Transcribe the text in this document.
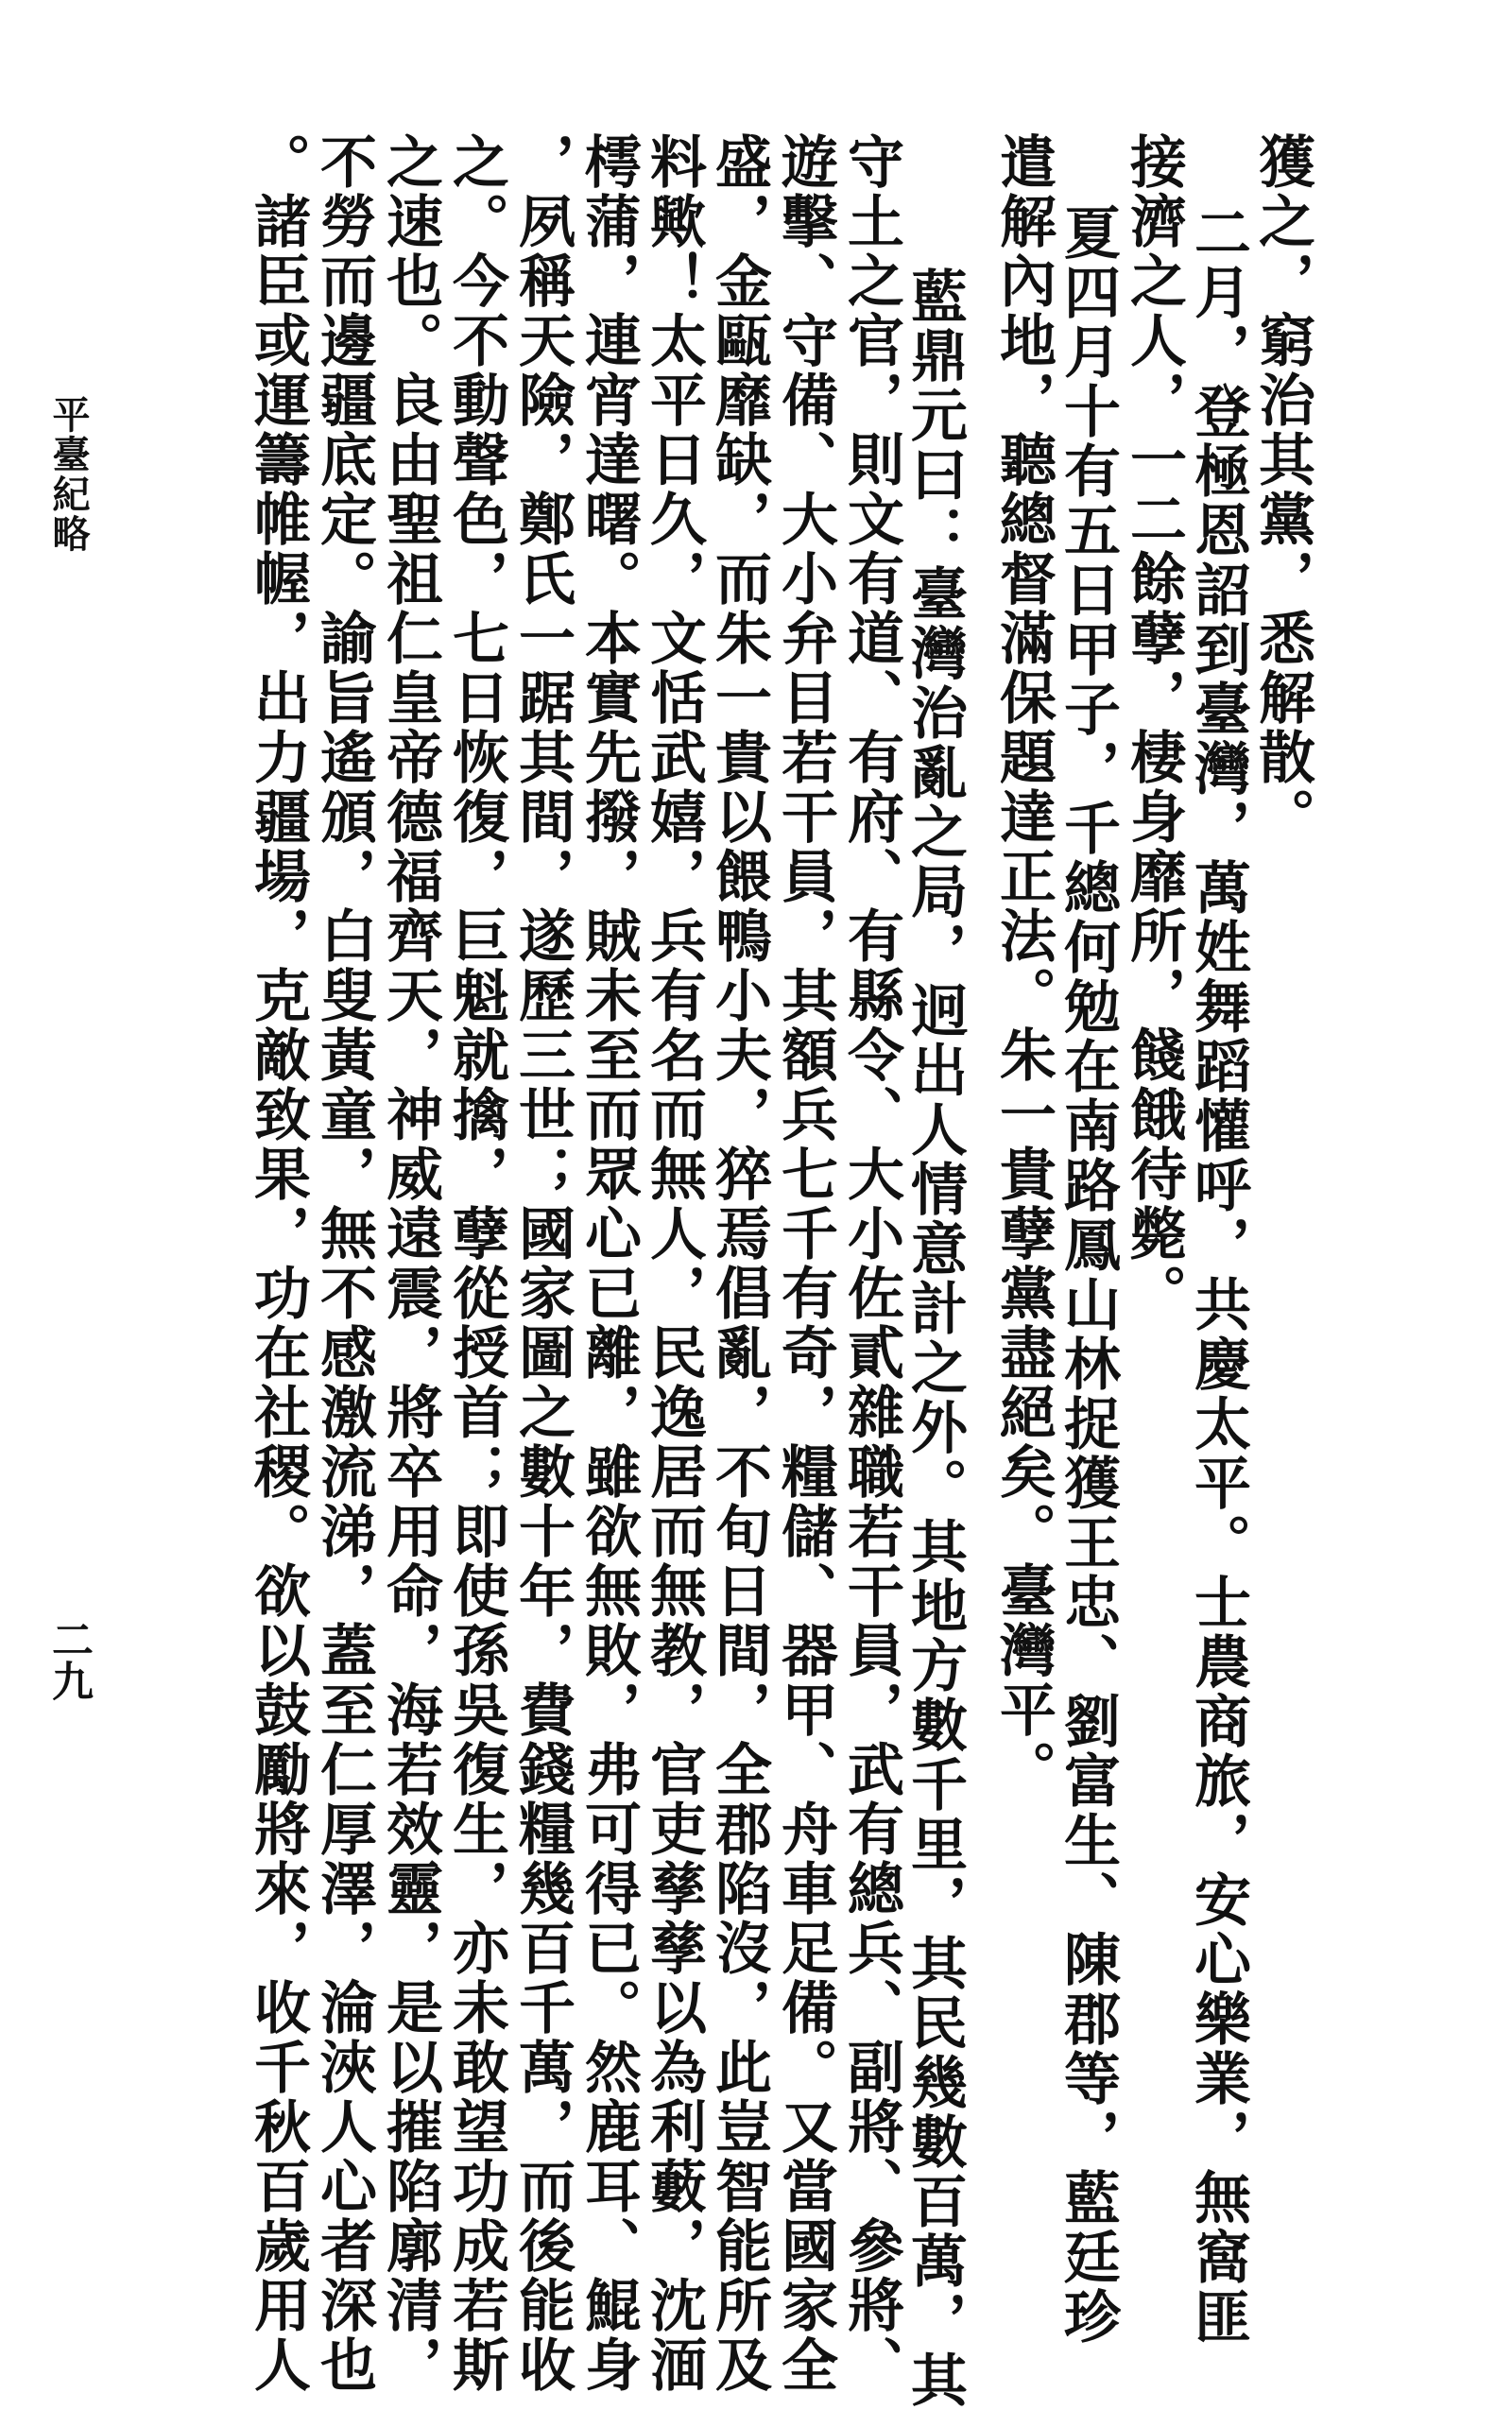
獲之，窮治其黨，悉解散。
二月，登極恩詔到臺灣，萬姓舞蹈懽呼，共慶太平。士農商旅，安心樂業，無窩匪
接濟之人，一二餘孽，棲身靡所，餞餓待斃。
夏四月十有五日甲子，千總何勉在南路鳳山林捉獲王忠、劉富生、陳郡等，藍廷珍
遣解內地，聽總督滿保題達正法。朱一貴孽黨盡絕矣。臺灣平。
藍鼎元曰：臺灣治亂之局，迥出人情意計之外。其地方數千里，其民幾數百萬，其
守土之官，則文有道、有府、有縣令、大小佐貳雜職若干員，武有總兵、副將、參將、
遊擊、守備、大小弁目若干員，其額兵七千有奇，糧儲、器甲、舟車足備。又當國家全
盛，金甌靡缺，而朱一貴以餵鴨小夫，猝焉倡亂，不旬日間，全郡陷沒，此豈智能所及
料歟！太平日久，文恬武嬉，兵有名而無人，民逸居而無教，官吏孳孳以為利藪，沈湎
樗蒲，連宵達曙。本實先撥，賊未至而眾心已離，雖欲無敗，弗可得已。然鹿耳、鯤身
，夙稱天險，鄭氏一踞其間，遂歷三世；國家圖之數十年，費錢糧幾百千萬，而後能收
之。今不動聲色，七日恢復，巨魁就擒，孽從授首；即使孫吳復生，亦未敢望功成若斯
之速也。良由聖祖仁皇帝德福齊天，神威遠震，將卒用命，海若效靈，是以摧陷廓清，
不勞而邊疆底定。諭旨遙頒，白叟黃童，無不感激流涕，蓋至仁厚澤，淪浹人心者深也
。諸臣或運籌帷幄，出力疆場，克敵致果，功在社稷。欲以鼓勵將來，收千秋百歲用人
平臺紀略
二九
